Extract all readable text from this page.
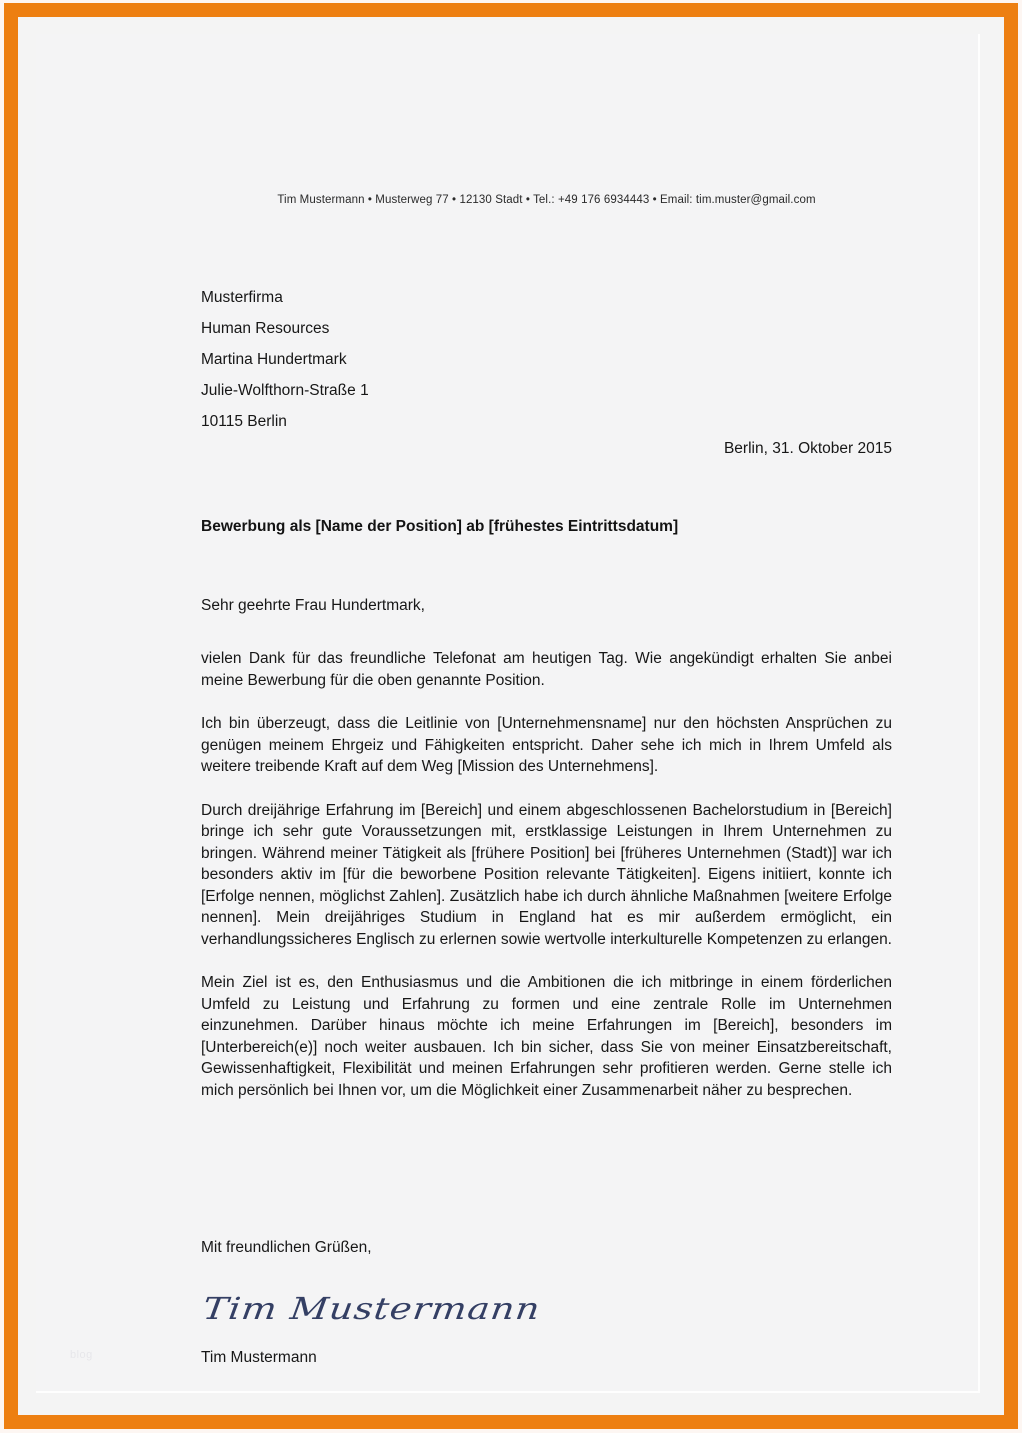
Tim Mustermann • Musterweg 77 • 12130 Stadt • Tel.: +49 176 6934443 • Email: tim.muster@gmail.com
Musterfirma
Human Resources
Martina Hundertmark
Julie-Wolfthorn-Straße 1
10115 Berlin
Berlin, 31. Oktober 2015
Bewerbung als [Name der Position] ab [frühestes Eintrittsdatum]
Sehr geehrte Frau Hundertmark,

vielen Dank für das freundliche Telefonat am heutigen Tag. Wie angekündigt erhalten Sie anbei meine Bewerbung für die oben genannte Position.

Ich bin überzeugt, dass die Leitlinie von [Unternehmensname] nur den höchsten Ansprüchen zu genügen meinem Ehrgeiz und Fähigkeiten entspricht. Daher sehe ich mich in Ihrem Umfeld als weitere treibende Kraft auf dem Weg [Mission des Unternehmens].

Durch dreijährige Erfahrung im [Bereich] und einem abgeschlossenen Bachelorstudium in [Bereich] bringe ich sehr gute Voraussetzungen mit, erstklassige Leistungen in Ihrem Unternehmen zu bringen. Während meiner Tätigkeit als [frühere Position] bei [früheres Unternehmen (Stadt)] war ich besonders aktiv im [für die beworbene Position relevante Tätigkeiten]. Eigens initiiert, konnte ich [Erfolge nennen, möglichst Zahlen]. Zusätzlich habe ich durch ähnliche Maßnahmen [weitere Erfolge nennen]. Mein dreijähriges Studium in England hat es mir außerdem ermöglicht, ein verhandlungssicheres Englisch zu erlernen sowie wertvolle interkulturelle Kompetenzen zu erlangen.

Mein Ziel ist es, den Enthusiasmus und die Ambitionen die ich mitbringe in einem förderlichen Umfeld zu Leistung und Erfahrung zu formen und eine zentrale Rolle im Unternehmen einzunehmen. Darüber hinaus möchte ich meine Erfahrungen im [Bereich], besonders im [Unterbereich(e)] noch weiter ausbauen. Ich bin sicher, dass Sie von meiner Einsatzbereitschaft, Gewissenhaftigkeit, Flexibilität und meinen Erfahrungen sehr profitieren werden. Gerne stelle ich mich persönlich bei Ihnen vor, um die Möglichkeit einer Zusammenarbeit näher zu besprechen.

Mit freundlichen Grüßen,
Tim Mustermann
Tim Mustermann
blog
